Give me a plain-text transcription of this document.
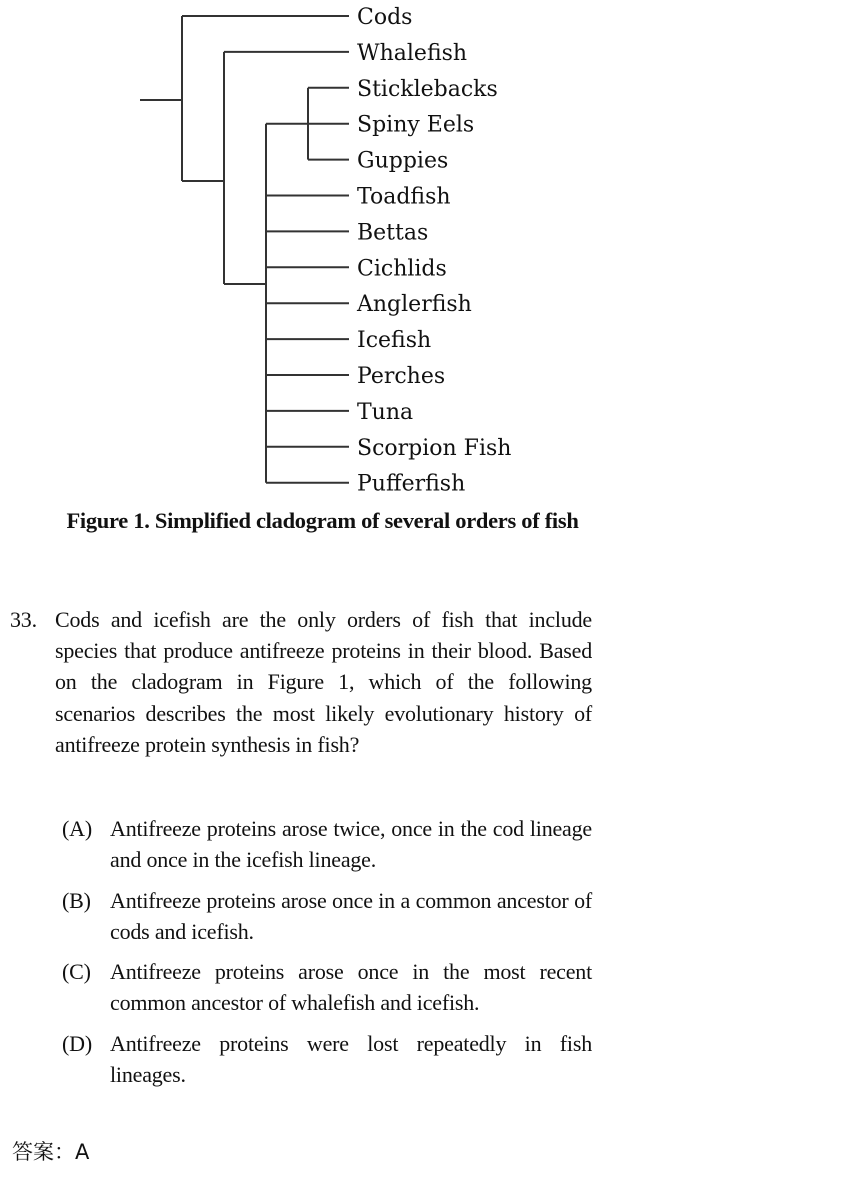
Cods
Whalefish
Sticklebacks
Spiny Eels
Guppies
Toadfish
Bettas
Cichlids
Anglerfish
Icefish
Perches
Tuna
Scorpion Fish
Pufferfish
Figure 1. Simplified cladogram of several orders of fish
33. Cods and icefish are the only orders of fish that include species that produce antifreeze proteins in their blood. Based on the cladogram in Figure 1, which of the following scenarios describes the most likely evolutionary history of antifreeze protein synthesis in fish?
(A) Antifreeze proteins arose twice, once in the cod lineage and once in the icefish lineage.
(B) Antifreeze proteins arose once in a common ancestor of cods and icefish.
(C) Antifreeze proteins arose once in the most recent common ancestor of whalefish and icefish.
(D) Antifreeze proteins were lost repeatedly in fish lineages.
答案：A
